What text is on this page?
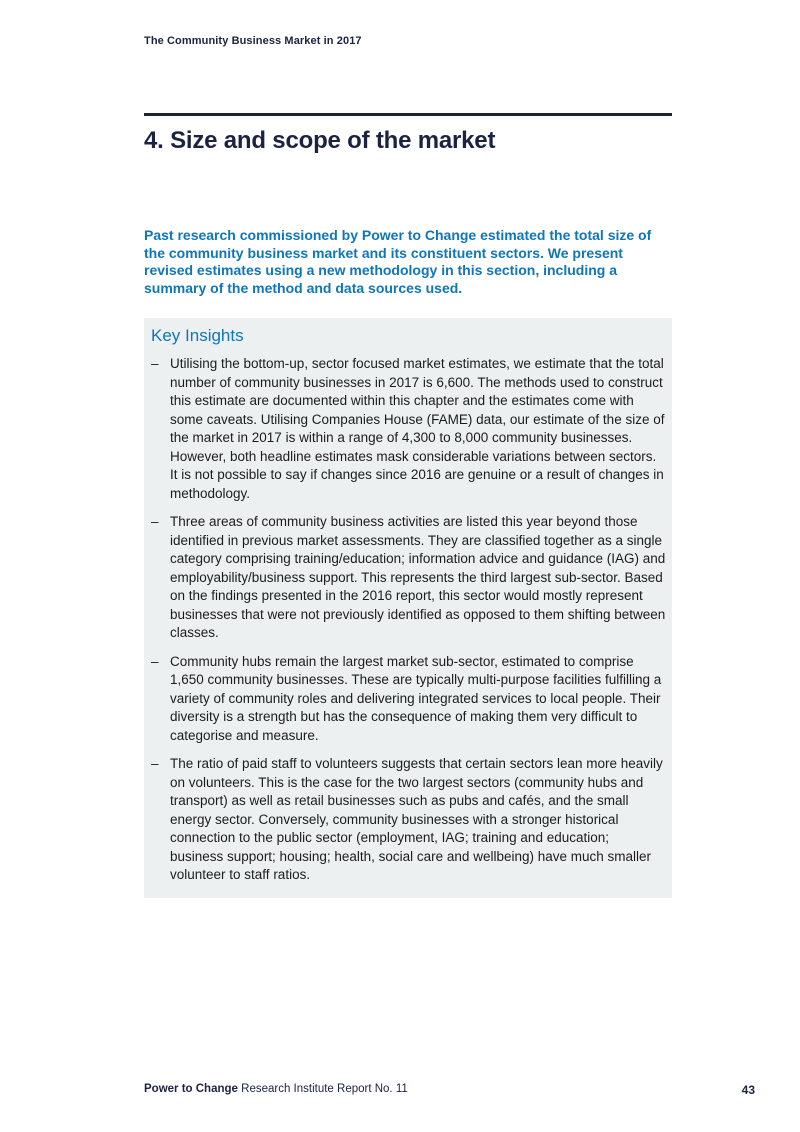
The Community Business Market in 2017
4. Size and scope of the market

Past research commissioned by Power to Change estimated the total size of the community business market and its constituent sectors. We present revised estimates using a new methodology in this section, including a summary of the method and data sources used.

Key Insights
– Utilising the bottom-up, sector focused market estimates, we estimate that the total number of community businesses in 2017 is 6,600. The methods used to construct this estimate are documented within this chapter and the estimates come with some caveats. Utilising Companies House (FAME) data, our estimate of the size of the market in 2017 is within a range of 4,300 to 8,000 community businesses. However, both headline estimates mask considerable variations between sectors. It is not possible to say if changes since 2016 are genuine or a result of changes in methodology.
– Three areas of community business activities are listed this year beyond those identified in previous market assessments. They are classified together as a single category comprising training/education; information advice and guidance (IAG) and employability/business support. This represents the third largest sub-sector. Based on the findings presented in the 2016 report, this sector would mostly represent businesses that were not previously identified as opposed to them shifting between classes.
– Community hubs remain the largest market sub-sector, estimated to comprise 1,650 community businesses. These are typically multi-purpose facilities fulfilling a variety of community roles and delivering integrated services to local people. Their diversity is a strength but has the consequence of making them very difficult to categorise and measure.
– The ratio of paid staff to volunteers suggests that certain sectors lean more heavily on volunteers. This is the case for the two largest sectors (community hubs and transport) as well as retail businesses such as pubs and cafés, and the small energy sector. Conversely, community businesses with a stronger historical connection to the public sector (employment, IAG; training and education; business support; housing; health, social care and wellbeing) have much smaller volunteer to staff ratios.
Power to Change Research Institute Report No. 11	43
